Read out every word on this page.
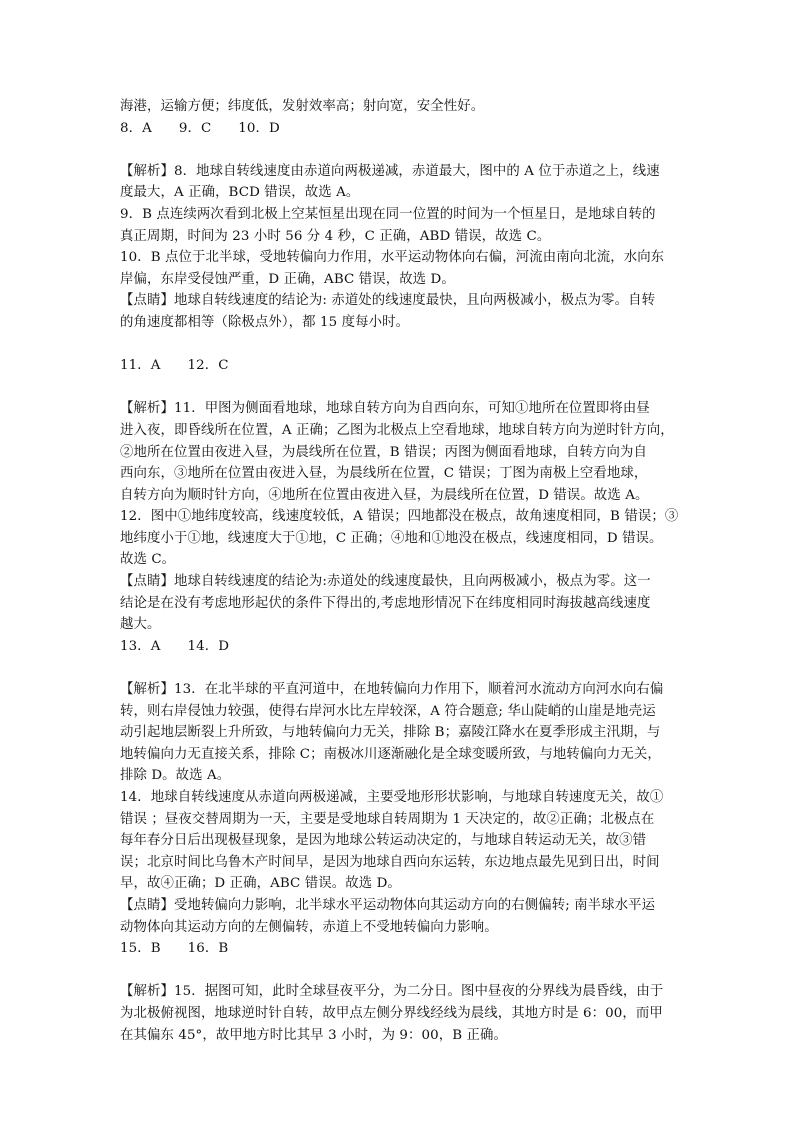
海港，运输方便；纬度低，发射效率高；射向宽，安全性好。
8．A　　9．C　　10．D
【解析】8．地球自转线速度由赤道向两极递减，赤道最大，图中的 A 位于赤道之上，线速
度最大，A 正确，BCD 错误，故选 A。
9．B 点连续两次看到北极上空某恒星出现在同一位置的时间为一个恒星日，是地球自转的
真正周期，时间为 23 小时 56 分 4 秒，C 正确，ABD 错误，故选 C。
10．B 点位于北半球，受地转偏向力作用，水平运动物体向右偏，河流由南向北流，水向东
岸偏，东岸受侵蚀严重，D 正确，ABC 错误，故选 D。
【点睛】地球自转线速度的结论为: 赤道处的线速度最快，且向两极减小，极点为零。自转
的角速度都相等（除极点外），都 15 度每小时。
11．A　　12．C
【解析】11．甲图为侧面看地球，地球自转方向为自西向东，可知①地所在位置即将由昼
进入夜，即昏线所在位置，A 正确；乙图为北极点上空看地球，地球自转方向为逆时针方向，
②地所在位置由夜进入昼，为晨线所在位置，B 错误；丙图为侧面看地球，自转方向为自
西向东，③地所在位置由夜进入昼，为晨线所在位置，C 错误；丁图为南极上空看地球，
自转方向为顺时针方向，④地所在位置由夜进入昼，为晨线所在位置，D 错误。故选 A。
12．图中①地纬度较高，线速度较低，A 错误；四地都没在极点，故角速度相同，B 错误；③
地纬度小于①地，线速度大于①地，C 正确；④地和①地没在极点，线速度相同，D 错误。
故选 C。
【点睛】地球自转线速度的结论为:赤道处的线速度最快，且向两极减小，极点为零。这一
结论是在没有考虑地形起伏的条件下得出的,考虑地形情况下在纬度相同时海拔越高线速度
越大。
13．A　　14．D
【解析】13．在北半球的平直河道中，在地转偏向力作用下，顺着河水流动方向河水向右偏
转，则右岸侵蚀力较强，使得右岸河水比左岸较深，A 符合题意; 华山陡峭的山崖是地壳运
动引起地层断裂上升所致，与地转偏向力无关，排除 B；嘉陵江降水在夏季形成主汛期，与
地转偏向力无直接关系，排除 C；南极冰川逐渐融化是全球变暖所致，与地转偏向力无关，
排除 D。故选 A。
14．地球自转线速度从赤道向两极递减，主要受地形形状影响，与地球自转速度无关，故①
错误 ；昼夜交替周期为一天，主要是受地球自转周期为 1 天决定的，故②正确；北极点在
每年春分日后出现极昼现象，是因为地球公转运动决定的，与地球自转运动无关，故③错
误；北京时间比乌鲁木产时间早，是因为地球自西向东运转，东边地点最先见到日出，时间
早，故④正确；D 正确，ABC 错误。故选 D。
【点睛】受地转偏向力影响，北半球水平运动物体向其运动方向的右侧偏转; 南半球水平运
动物体向其运动方向的左侧偏转，赤道上不受地转偏向力影响。
15．B　　16．B
【解析】15．据图可知，此时全球昼夜平分，为二分日。图中昼夜的分界线为晨昏线，由于
为北极俯视图，地球逆时针自转，故甲点左侧分界线经线为晨线，其地方时是 6：00，而甲
在其偏东 45°，故甲地方时比其早 3 小时，为 9：00，B 正确。
